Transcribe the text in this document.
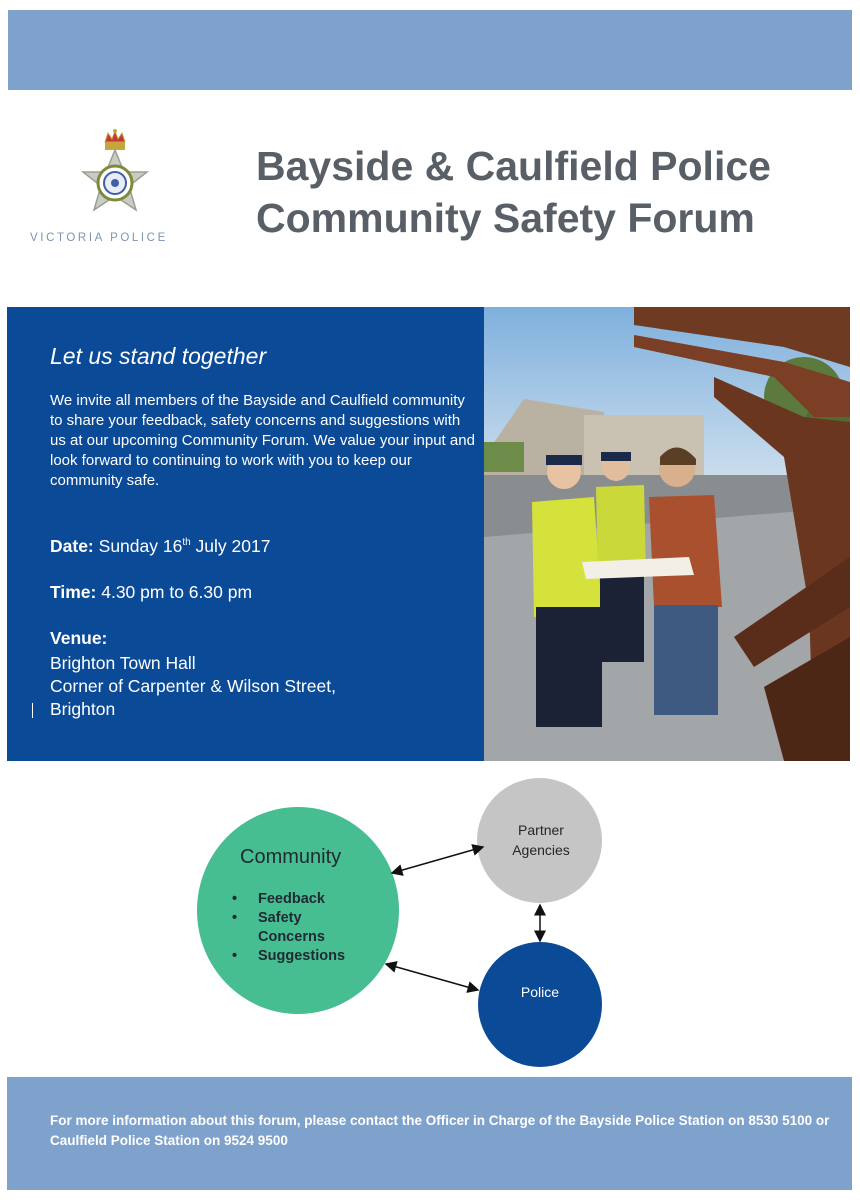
VICTORIA POLICE
Bayside & Caulfield Police
Community Safety Forum
Let us stand together
We invite all members of the Bayside and Caulfield community to share your feedback, safety concerns and suggestions with us at our upcoming Community Forum. We value your input and look forward to continuing to work with you to keep our community safe.
Date: Sunday 16th July 2017
Time: 4.30 pm to 6.30 pm
Venue:
Brighton Town Hall
Corner of Carpenter & Wilson Street,
Brighton
Community
• Feedback
• Safety Concerns
• Suggestions
Partner
Agencies
Police
For more information about this forum, please contact the Officer in Charge of the Bayside Police Station on 8530 5100 or Caulfield Police Station on 9524 9500
